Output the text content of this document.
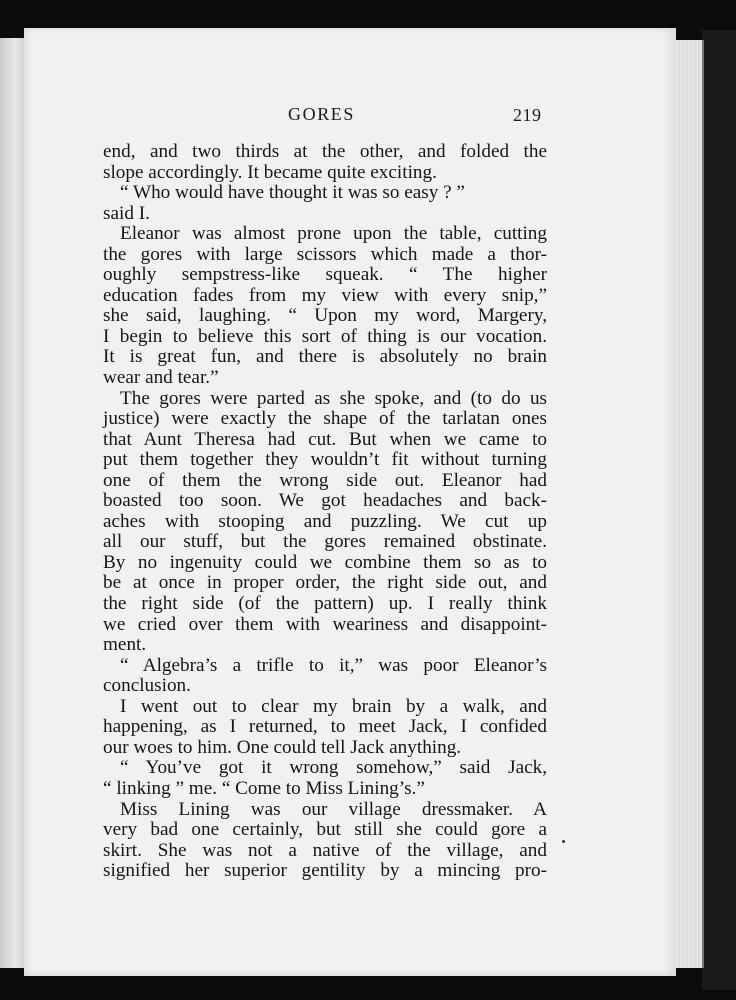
GORES	219
end, and two thirds at the other, and folded the
slope accordingly. It became quite exciting.
“ Who would have thought it was so easy ? ”
said I.
Eleanor was almost prone upon the table, cutting
the gores with large scissors which made a thor-
oughly sempstress-like squeak. “ The higher
education fades from my view with every snip,”
she said, laughing. “ Upon my word, Margery,
I begin to believe this sort of thing is our vocation.
It is great fun, and there is absolutely no brain
wear and tear.”
The gores were parted as she spoke, and (to do us
justice) were exactly the shape of the tarlatan ones
that Aunt Theresa had cut. But when we came to
put them together they wouldn’t fit without turning
one of them the wrong side out. Eleanor had
boasted too soon. We got headaches and back-
aches with stooping and puzzling. We cut up
all our stuff, but the gores remained obstinate.
By no ingenuity could we combine them so as to
be at once in proper order, the right side out, and
the right side (of the pattern) up. I really think
we cried over them with weariness and disappoint-
ment.
“ Algebra’s a trifle to it,” was poor Eleanor’s
conclusion.
I went out to clear my brain by a walk, and
happening, as I returned, to meet Jack, I confided
our woes to him. One could tell Jack anything.
“ You’ve got it wrong somehow,” said Jack,
“ linking ” me. “ Come to Miss Lining’s.”
Miss Lining was our village dressmaker. A
very bad one certainly, but still she could gore a
skirt. She was not a native of the village, and
signified her superior gentility by a mincing pro-
